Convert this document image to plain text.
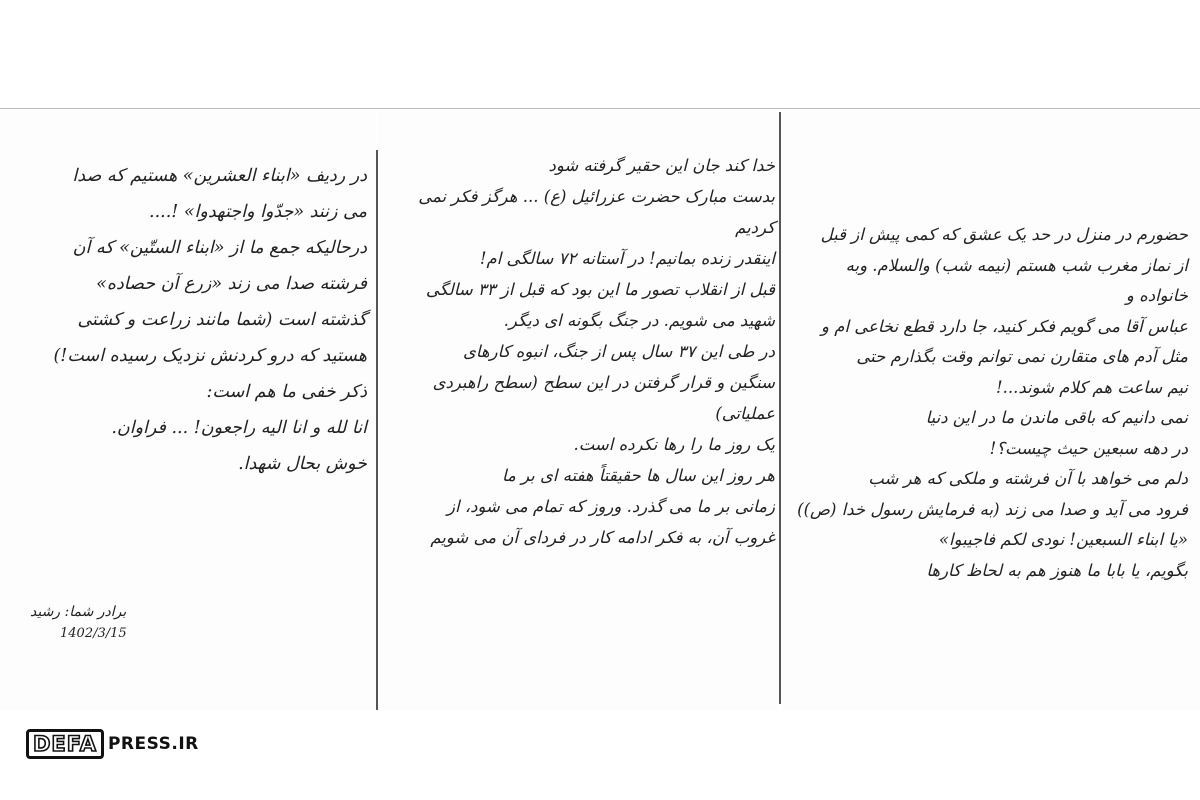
در ردیف «ابناء العشرین» هستیم که صدا
می زنند «جدّوا واجتهدوا» !....
درحالیکه جمع ما از «ابناء الستّین» که آن
فرشته صدا می زند «زرع آن حصاده»
گذشته است (شما مانند زراعت و کشتی
هستید که درو کردنش نزدیک رسیده است!)
ذکر خفی ما هم است:
انا لله و انا الیه راجعون! ... فراوان.
خوش بحال شهدا.
برادر شما: رشید
1402/3/15
خدا کند جان این حقیر گرفته شود
بدست مبارک حضرت عزرائیل (ع) ... هرگز فکر نمی کردیم
اینقدر زنده بمانیم! در آستانه ۷۲ سالگی ام!
قبل از انقلاب تصور ما این بود که قبل از ۳۳ سالگی
شهید می شویم. در جنگ بگونه ای دیگر.
در طی این ۳۷ سال پس از جنگ، انبوه کارهای
سنگین و قرار گرفتن در این سطح (سطح راهبردی عملیاتی)
یک روز ما را رها نکرده است.
هر روز این سال ها حقیقتاً هفته ای بر ما
زمانی بر ما می گذرد. وروز که تمام می شود، از
غروب آن، به فکر ادامه کار در فردای آن می شویم
حضورم در منزل در حد یک عشق که کمی پیش از قبل
از نماز مغرب شب هستم (نیمه شب) والسلام. وبه خانواده و
عباس آقا می گویم فکر کنید، جا دارد قطع نخاعی ام و
مثل آدم های متقارن نمی توانم وقت بگذارم حتی
نیم ساعت هم کلام شوند...!
نمی دانیم که باقی ماندن ما در این دنیا
در دهه سبعین حیث چیست؟!
دلم می خواهد با آن فرشته و ملکی که هر شب
فرود می آید و صدا می زند (به فرمایش رسول خدا (ص))
«یا ابناء السبعین! نودی لکم فاجیبوا»
بگویم، یا بابا ما هنوز هم به لحاظ کارها
DEFA PRESS.IR
